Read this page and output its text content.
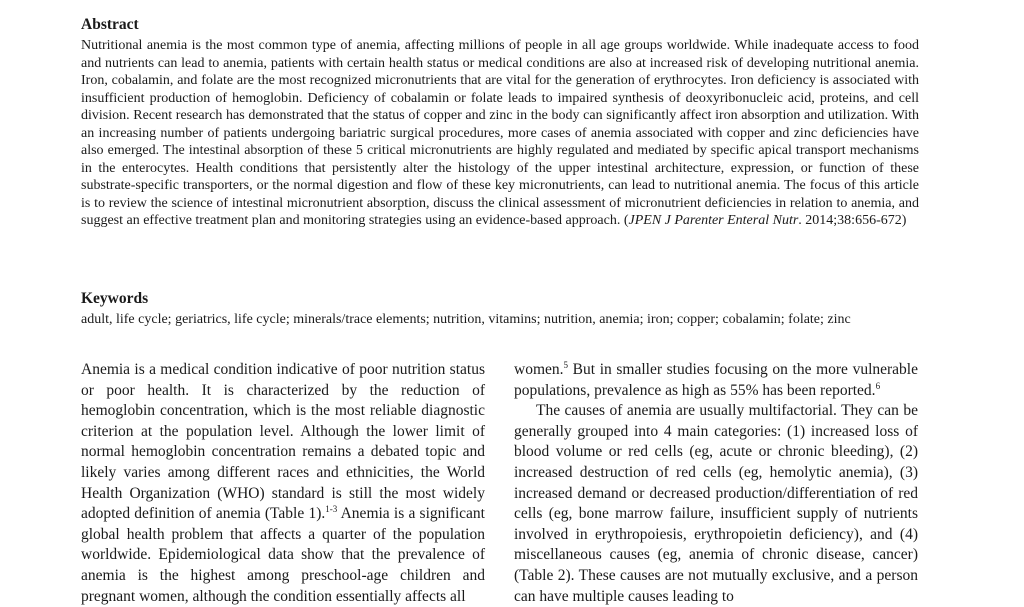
Abstract
Nutritional anemia is the most common type of anemia, affecting millions of people in all age groups worldwide. While inadequate access to food and nutrients can lead to anemia, patients with certain health status or medical conditions are also at increased risk of developing nutritional anemia. Iron, cobalamin, and folate are the most recognized micronutrients that are vital for the generation of erythrocytes. Iron deficiency is associated with insufficient production of hemoglobin. Deficiency of cobalamin or folate leads to impaired synthesis of deoxyribonucleic acid, proteins, and cell division. Recent research has demonstrated that the status of copper and zinc in the body can significantly affect iron absorption and utilization. With an increasing number of patients undergoing bariatric surgical procedures, more cases of anemia associated with copper and zinc deficiencies have also emerged. The intestinal absorption of these 5 critical micronutrients are highly regulated and mediated by specific apical transport mechanisms in the enterocytes. Health conditions that persistently alter the histology of the upper intestinal architecture, expression, or function of these substrate-specific transporters, or the normal digestion and flow of these key micronutrients, can lead to nutritional anemia. The focus of this article is to review the science of intestinal micronutrient absorption, discuss the clinical assessment of micronutrient deficiencies in relation to anemia, and suggest an effective treatment plan and monitoring strategies using an evidence-based approach. (JPEN J Parenter Enteral Nutr. 2014;38:656-672)
Keywords
adult, life cycle; geriatrics, life cycle; minerals/trace elements; nutrition, vitamins; nutrition, anemia; iron; copper; cobalamin; folate; zinc

Anemia is a medical condition indicative of poor nutrition status or poor health. It is characterized by the reduction of hemoglobin concentration, which is the most reliable diagnostic criterion at the population level. Although the lower limit of normal hemoglobin concentration remains a debated topic and likely varies among different races and ethnicities, the World Health Organization (WHO) standard is still the most widely adopted definition of anemia (Table 1).$^{1-3}$ Anemia is a significant global health problem that affects a quarter of the population worldwide. Epidemiological data show that the prevalence of anemia is the highest among preschool-age children and pregnant women, although the condition essentially affects all

women.$^5$ But in smaller studies focusing on the more vulnerable populations, prevalence as high as 55% has been reported.$^6$

The causes of anemia are usually multifactorial. They can be generally grouped into 4 main categories: (1) increased loss of blood volume or red cells (eg, acute or chronic bleeding), (2) increased destruction of red cells (eg, hemolytic anemia), (3) increased demand or decreased production/differentiation of red cells (eg, bone marrow failure, insufficient supply of nutrients involved in erythropoiesis, erythropoietin deficiency), and (4) miscellaneous causes (eg, anemia of chronic disease, cancer) (Table 2). These causes are not mutually exclusive, and a person can have multiple causes leading to
